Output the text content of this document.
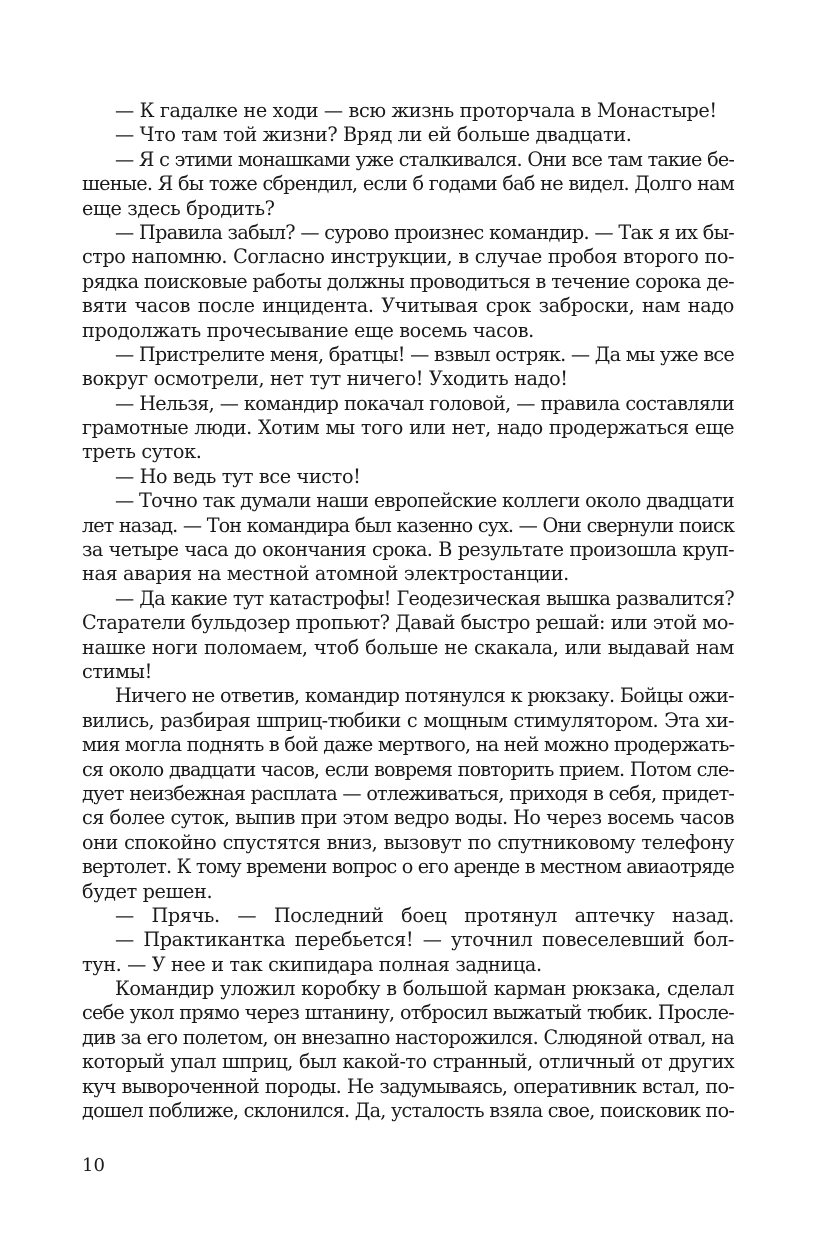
— К гадалке не ходи — всю жизнь проторчала в Монастыре!
— Что там той жизни? Вряд ли ей больше двадцати.
— Я с этими монашками уже сталкивался. Они все там такие бе-
шеные. Я бы тоже сбрендил, если б годами баб не видел. Долго нам
еще здесь бродить?
— Правила забыл? — сурово произнес командир. — Так я их бы-
стро напомню. Согласно инструкции, в случае пробоя второго по-
рядка поисковые работы должны проводиться в течение сорока де-
вяти часов после инцидента. Учитывая срок заброски, нам надо
продолжать прочесывание еще восемь часов.
— Пристрелите меня, братцы! — взвыл остряк. — Да мы уже все
вокруг осмотрели, нет тут ничего! Уходить надо!
— Нельзя, — командир покачал головой, — правила составляли
грамотные люди. Хотим мы того или нет, надо продержаться еще
треть суток.
— Но ведь тут все чисто!
— Точно так думали наши европейские коллеги около двадцати
лет назад. — Тон командира был казенно сух. — Они свернули поиск
за четыре часа до окончания срока. В результате произошла круп-
ная авария на местной атомной электростанции.
— Да какие тут катастрофы! Геодезическая вышка развалится?
Старатели бульдозер пропьют? Давай быстро решай: или этой мо-
нашке ноги поломаем, чтоб больше не скакала, или выдавай нам
стимы!
Ничего не ответив, командир потянулся к рюкзаку. Бойцы ожи-
вились, разбирая шприц-тюбики с мощным стимулятором. Эта хи-
мия могла поднять в бой даже мертвого, на ней можно продержать-
ся около двадцати часов, если вовремя повторить прием. Потом сле-
дует неизбежная расплата — отлеживаться, приходя в себя, придет-
ся более суток, выпив при этом ведро воды. Но через восемь часов
они спокойно спустятся вниз, вызовут по спутниковому телефону
вертолет. К тому времени вопрос о его аренде в местном авиаотряде
будет решен.
— Прячь. — Последний боец протянул аптечку назад.
— Практикантка перебьется! — уточнил повеселевший бол-
тун. — У нее и так скипидара полная задница.
Командир уложил коробку в большой карман рюкзака, сделал
себе укол прямо через штанину, отбросил выжатый тюбик. Просле-
див за его полетом, он внезапно насторожился. Слюдяной отвал, на
который упал шприц, был какой-то странный, отличный от других
куч вывороченной породы. Не задумываясь, оперативник встал, по-
дошел поближе, склонился. Да, усталость взяла свое, поисковик по-
10
